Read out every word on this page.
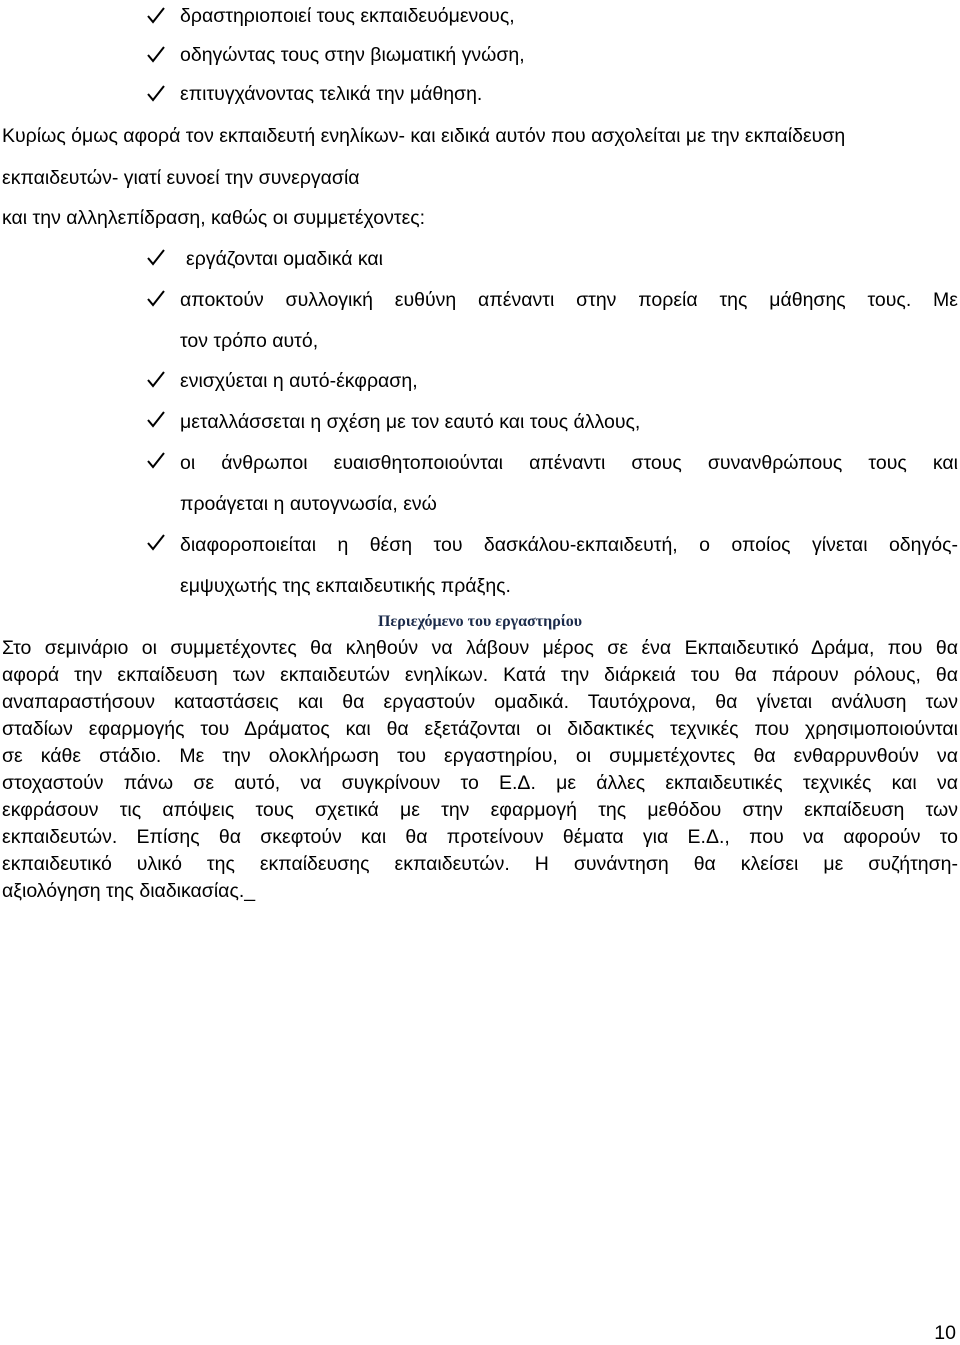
δραστηριοποιεί τους εκπαιδευόμενους,
οδηγώντας τους στην βιωματική γνώση,
επιτυγχάνοντας τελικά την μάθηση.
Κυρίως όμως αφορά τον εκπαιδευτή ενηλίκων- και ειδικά αυτόν που ασχολείται με την εκπαίδευση
εκπαιδευτών- γιατί ευνοεί την συνεργασία
και την αλληλεπίδραση, καθώς οι συμμετέχοντες:
εργάζονται ομαδικά και
αποκτούν συλλογική ευθύνη απέναντι στην πορεία της μάθησης τους. Με
τον τρόπο αυτό,
ενισχύεται η αυτό-έκφραση,
μεταλλάσσεται η σχέση με τον εαυτό και τους άλλους,
οι άνθρωποι ευαισθητοποιούνται απέναντι στους συνανθρώπους τους και
προάγεται η αυτογνωσία, ενώ
διαφοροποιείται η θέση του δασκάλου-εκπαιδευτή, ο οποίος γίνεται οδηγός-
εμψυχωτής της εκπαιδευτικής πράξης.
Περιεχόμενο του εργαστηρίου
Στο σεμινάριο οι συμμετέχοντες θα κληθούν να λάβουν μέρος σε ένα Εκπαιδευτικό Δράμα, που θα
αφορά την εκπαίδευση των εκπαιδευτών ενηλίκων. Κατά την διάρκειά του θα πάρουν ρόλους, θα
αναπαραστήσουν καταστάσεις και θα εργαστούν ομαδικά. Ταυτόχρονα, θα γίνεται ανάλυση των
σταδίων εφαρμογής του Δράματος και θα εξετάζονται οι διδακτικές τεχνικές που χρησιμοποιούνται
σε κάθε στάδιο. Με την ολοκλήρωση του εργαστηρίου, οι συμμετέχοντες θα ενθαρρυνθούν να
στοχαστούν πάνω σε αυτό, να συγκρίνουν το Ε.Δ. με άλλες εκπαιδευτικές τεχνικές και να
εκφράσουν τις απόψεις τους σχετικά με την εφαρμογή της μεθόδου στην εκπαίδευση των
εκπαιδευτών. Επίσης θα σκεφτούν και θα προτείνουν θέματα για Ε.Δ., που να αφορούν το
εκπαιδευτικό υλικό της εκπαίδευσης εκπαιδευτών. Η συνάντηση θα κλείσει με συζήτηση-
αξιολόγηση της διαδικασίας._
10
